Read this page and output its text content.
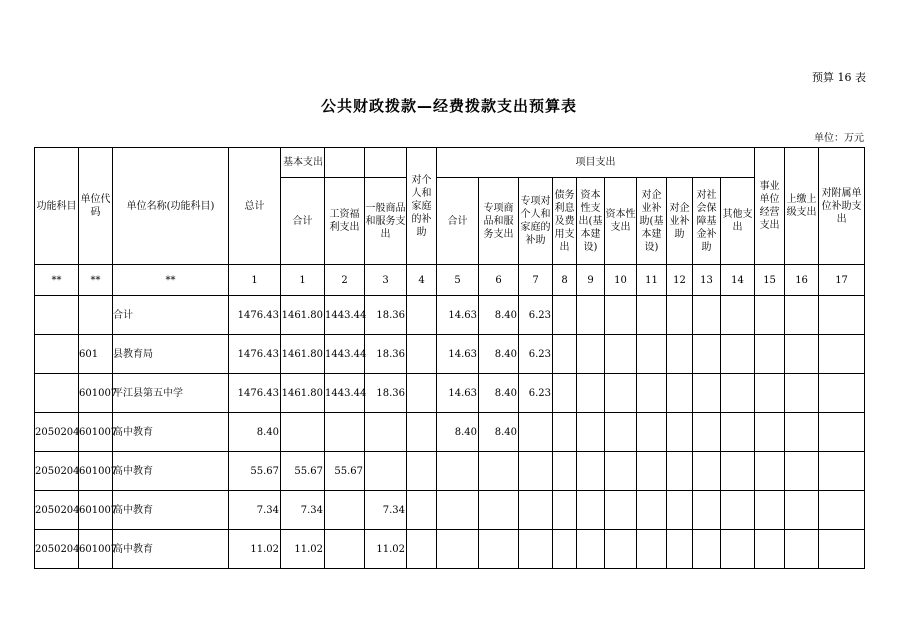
预算 16 表
公共财政拨款—经费拨款支出预算表
单位：万元
功能科目	单位代码	单位名称(功能科目)	总计	基本支出			对个人和家庭的补助	项目支出										事业单位经营支出	上缴上级支出	对附属单位补助支出
				合计	工资福利支出	一般商品和服务支出		合计	专项商品和服务支出	专项对个人和家庭的补助	债务利息及费用支出	资本性支出(基本建设)	资本性支出	对企业补助(基本建设)	对企业补助	对社会保障基金补助	其他支出			
**	**	**	1	1	2	3	4	5	6	7	8	9	10	11	12	13	14	15	16	17
		合计	1476.43	1461.80	1443.44	18.36		14.63	8.40	6.23										
	601	县教育局	1476.43	1461.80	1443.44	18.36		14.63	8.40	6.23										
	601007	平江县第五中学	1476.43	1461.80	1443.44	18.36		14.63	8.40	6.23										
2050204	601007	高中教育	8.40					8.40	8.40											
2050204	601007	高中教育	55.67	55.67	55.67															
2050204	601007	高中教育	7.34	7.34		7.34														
2050204	601007	高中教育	11.02	11.02		11.02														
